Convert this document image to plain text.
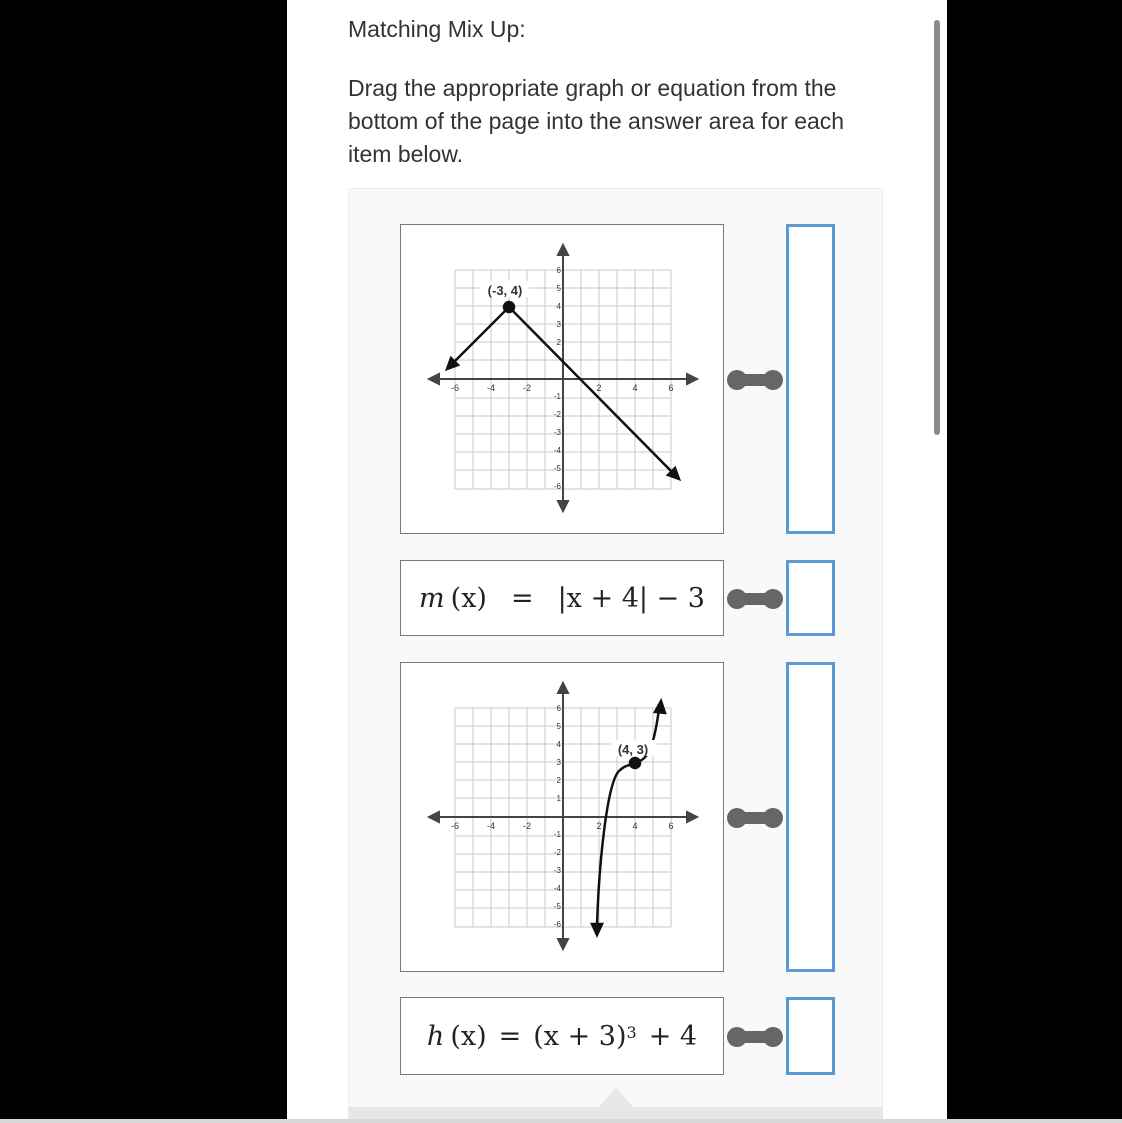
Matching Mix Up:
Drag the appropriate graph or equation from the bottom of the page into the answer area for each item below.
-6	-4	-2	2	4	6
6
5
4
3
2
-1
-2
-3
-4
-5
-6
(-3, 4)
m (x) = |x + 4| − 3
-6	-4	-2	2	4	6
6
5
4
3
2
1
-1
-2
-3
-4
-5
-6
(4, 3)
h $(x) = (x + 3)^3 + 4$
